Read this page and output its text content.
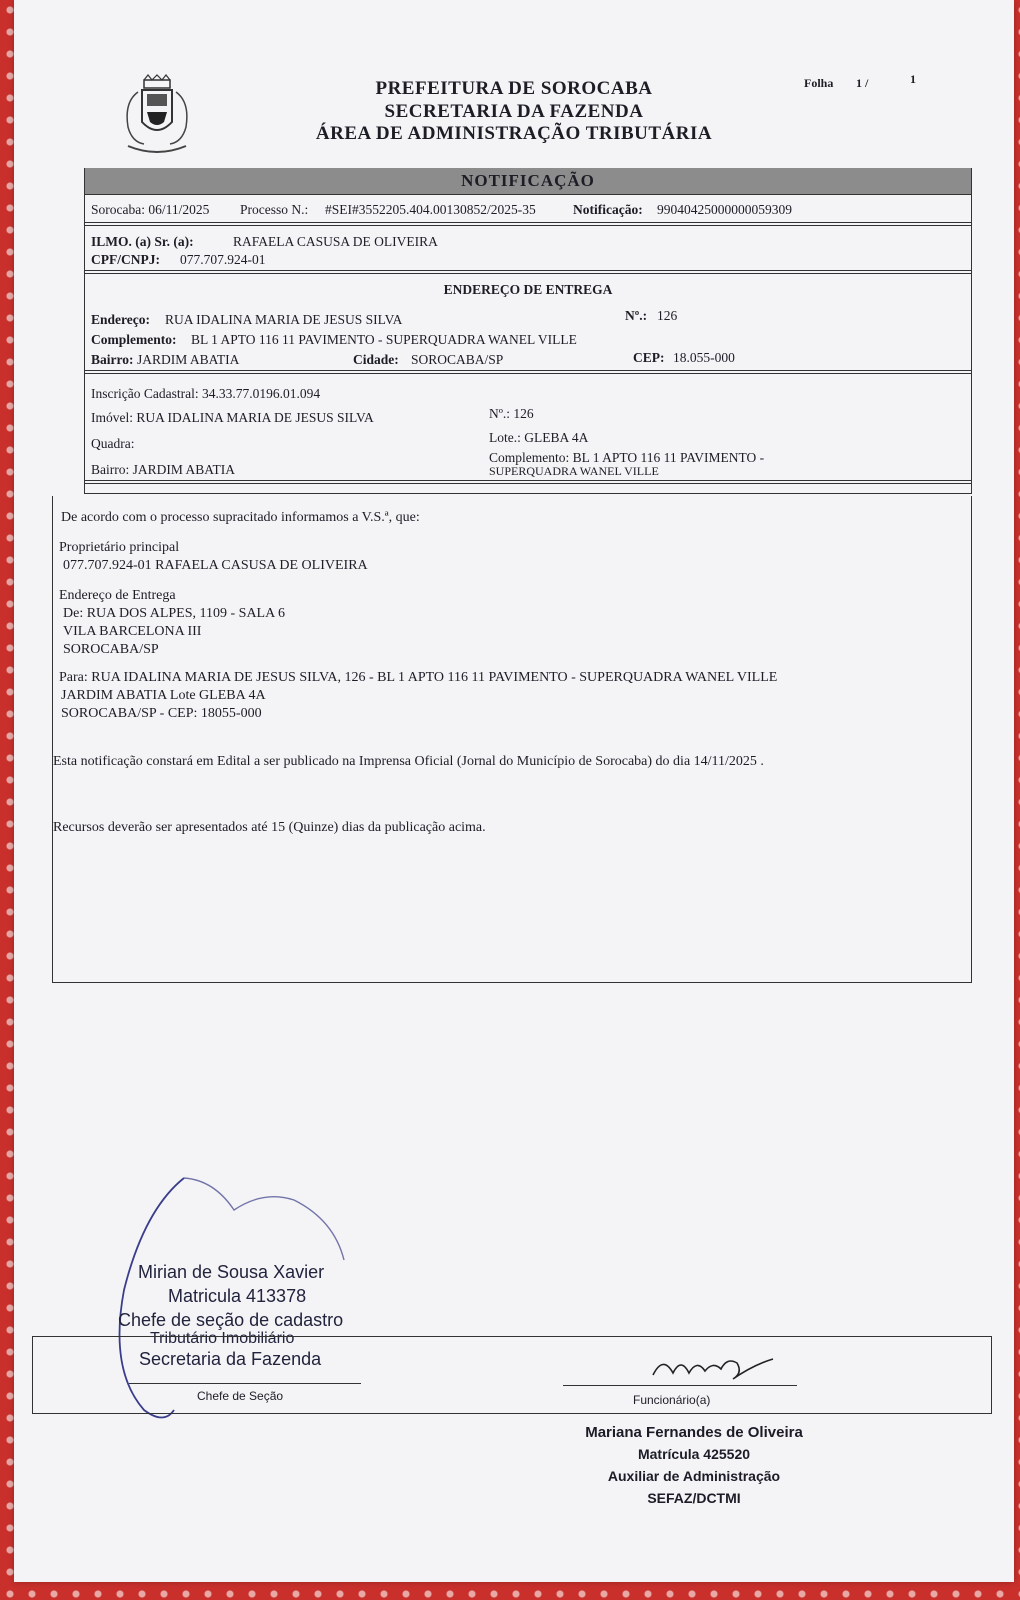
PREFEITURA DE SOROCABA
SECRETARIA DA FAZENDA
ÁREA DE ADMINISTRAÇÃO TRIBUTÁRIA
Folha 1 /	1
NOTIFICAÇÃO
Sorocaba: 06/11/2025 Processo N.: #SEI#3552205.404.00130852/2025-35	Notificação: 99040425000000059309
ILMO. (a) Sr. (a):	RAFAELA CASUSA DE OLIVEIRA
CPF/CNPJ: 077.707.924-01
ENDEREÇO DE ENTREGA
Endereço: RUA IDALINA MARIA DE JESUS SILVA	Nº.: 126
Complemento: BL 1 APTO 116 11 PAVIMENTO - SUPERQUADRA WANEL VILLE
Bairro: JARDIM ABATIA	Cidade: SOROCABA/SP	CEP: 18.055-000
Inscrição Cadastral: 34.33.77.0196.01.094
Imóvel: RUA IDALINA MARIA DE JESUS SILVA	Nº.: 126
Quadra:	Lote.: GLEBA 4A
Bairro: JARDIM ABATIA
Complemento: BL 1 APTO 116 11 PAVIMENTO -
SUPERQUADRA WANEL VILLE
De acordo com o processo supracitado informamos a V.S.ª, que:
Proprietário principal
077.707.924-01 RAFAELA CASUSA DE OLIVEIRA
Endereço de Entrega
De: RUA DOS ALPES, 1109 - SALA 6
VILA BARCELONA III
SOROCABA/SP
Para: RUA IDALINA MARIA DE JESUS SILVA, 126 - BL 1 APTO 116 11 PAVIMENTO - SUPERQUADRA WANEL VILLE
JARDIM ABATIA Lote GLEBA 4A
SOROCABA/SP - CEP: 18055-000
Esta notificação constará em Edital a ser publicado na Imprensa Oficial (Jornal do Município de Sorocaba) do dia 14/11/2025 .
Recursos deverão ser apresentados até 15 (Quinze) dias da publicação acima.
Mirian de Sousa Xavier
Matricula 413378
Chefe de seção de cadastro
Tributário Imobiliário
Secretaria da Fazenda
Chefe de Seção	Funcionário(a)
Mariana Fernandes de Oliveira
Matrícula 425520
Auxiliar de Administração
SEFAZ/DCTMI
